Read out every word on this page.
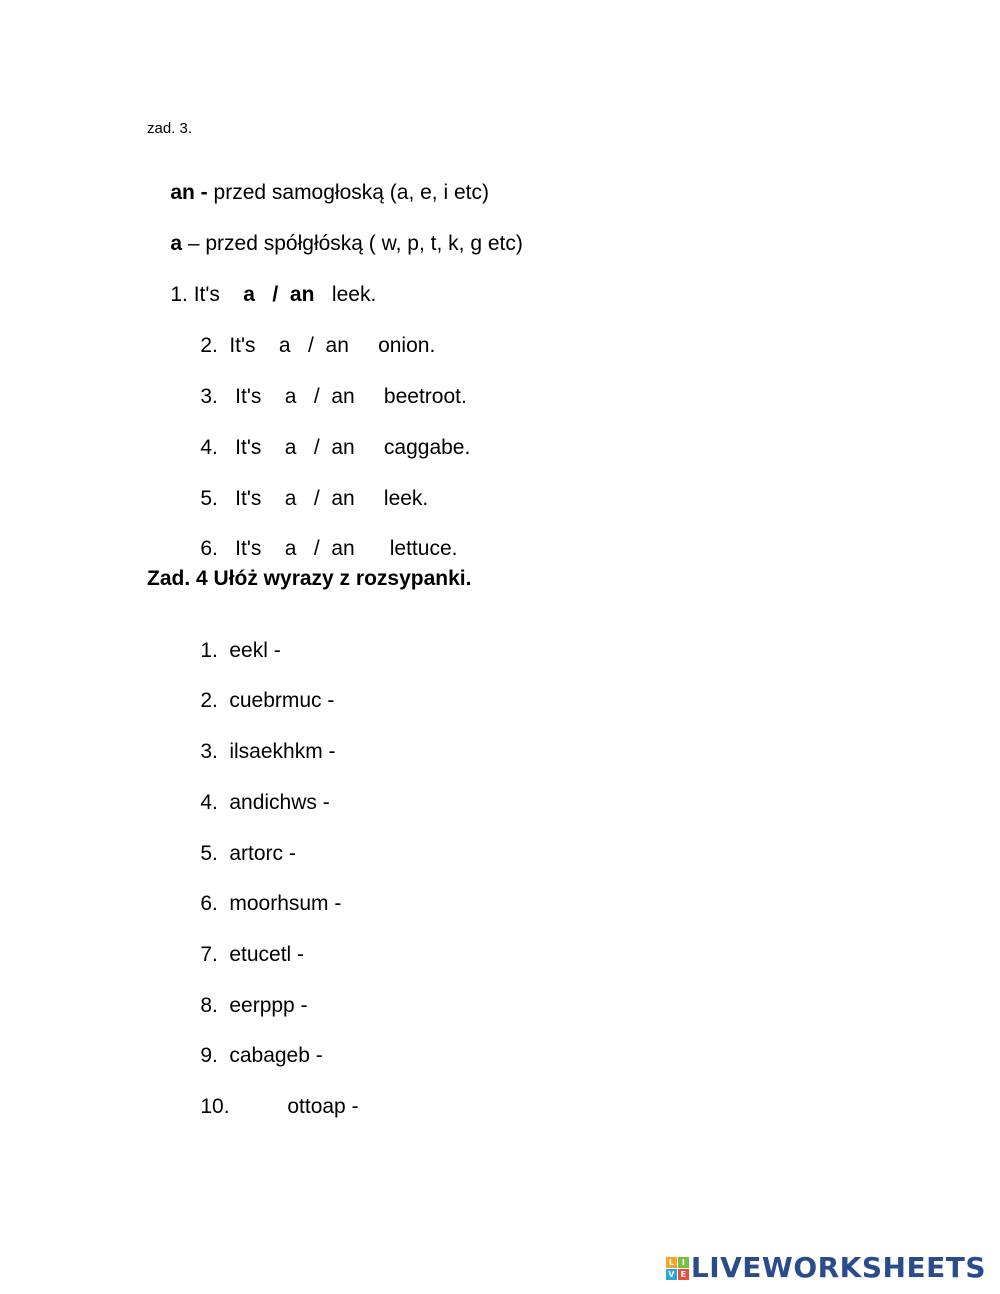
zad. 3.

an - przed samogłoską (a, e, i etc)

a – przed spółgłóską ( w, p, t, k, g etc)

1. It's    a   /  an   leek.

2. It's    a   /  an     onion.

3. It's    a   /  an     beetroot.

4. It's    a   /  an     caggabe.

5. It's    a   /  an     leek.

6. It's    a   /  an      lettuce.

Zad. 4 Ułóż wyrazy z rozsypanki.

1. eekl -

2. cuebrmuc -

3. ilsaekhkm -

4. andichws -

5. artorc -

6. moorhsum -

7. etucetl -

8. eerppp -

9. cabageb -

10.	ottoap -

L I
V E LIVEWORKSHEETS
